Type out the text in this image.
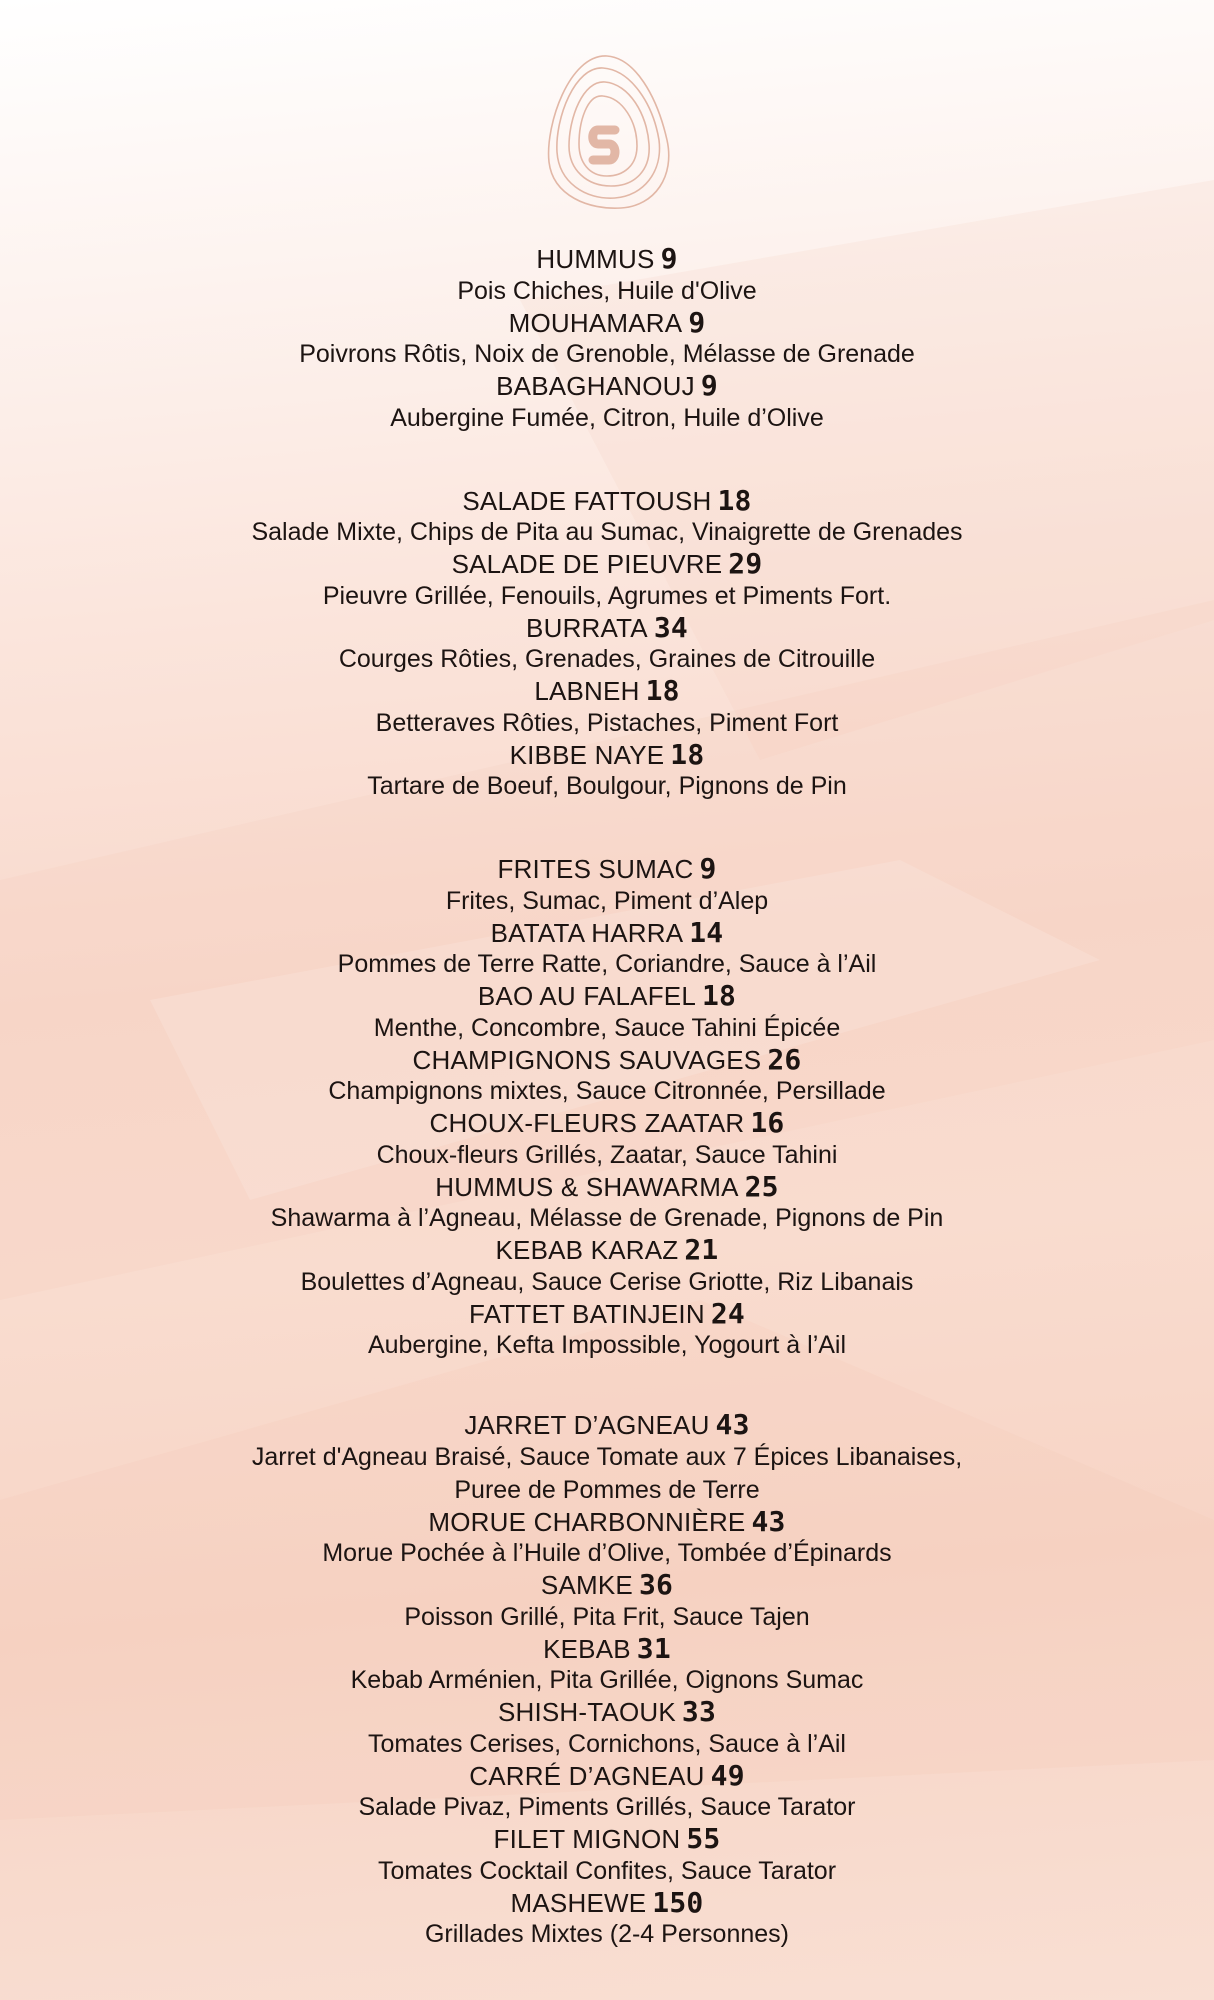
HUMMUS 9
Pois Chiches, Huile d'Olive
MOUHAMARA 9
Poivrons Rôtis, Noix de Grenoble, Mélasse de Grenade
BABAGHANOUJ 9
Aubergine Fumée, Citron, Huile d’Olive
SALADE FATTOUSH 18
Salade Mixte, Chips de Pita au Sumac, Vinaigrette de Grenades
SALADE DE PIEUVRE 29
Pieuvre Grillée, Fenouils, Agrumes et Piments Fort.
BURRATA 34
Courges Rôties, Grenades, Graines de Citrouille
LABNEH 18
Betteraves Rôties, Pistaches, Piment Fort
KIBBE NAYE 18
Tartare de Boeuf, Boulgour, Pignons de Pin
FRITES SUMAC 9
Frites, Sumac, Piment d’Alep
BATATA HARRA 14
Pommes de Terre Ratte, Coriandre, Sauce à l’Ail
BAO AU FALAFEL 18
Menthe, Concombre, Sauce Tahini Épicée
CHAMPIGNONS SAUVAGES 26
Champignons mixtes, Sauce Citronnée, Persillade
CHOUX-FLEURS ZAATAR 16
Choux-fleurs Grillés, Zaatar, Sauce Tahini
HUMMUS & SHAWARMA 25
Shawarma à l’Agneau, Mélasse de Grenade, Pignons de Pin
KEBAB KARAZ 21
Boulettes d’Agneau, Sauce Cerise Griotte, Riz Libanais
FATTET BATINJEIN 24
Aubergine, Kefta Impossible, Yogourt à l’Ail
JARRET D’AGNEAU 43
Jarret d'Agneau Braisé, Sauce Tomate aux 7 Épices Libanaises,
Puree de Pommes de Terre
MORUE CHARBONNIÈRE 43
Morue Pochée à l’Huile d’Olive, Tombée d’Épinards
SAMKE 36
Poisson Grillé, Pita Frit, Sauce Tajen
KEBAB 31
Kebab Arménien, Pita Grillée, Oignons Sumac
SHISH-TAOUK 33
Tomates Cerises, Cornichons, Sauce à l’Ail
CARRÉ D’AGNEAU 49
Salade Pivaz, Piments Grillés, Sauce Tarator
FILET MIGNON 55
Tomates Cocktail Confites, Sauce Tarator
MASHEWE 150
Grillades Mixtes (2-4 Personnes)
